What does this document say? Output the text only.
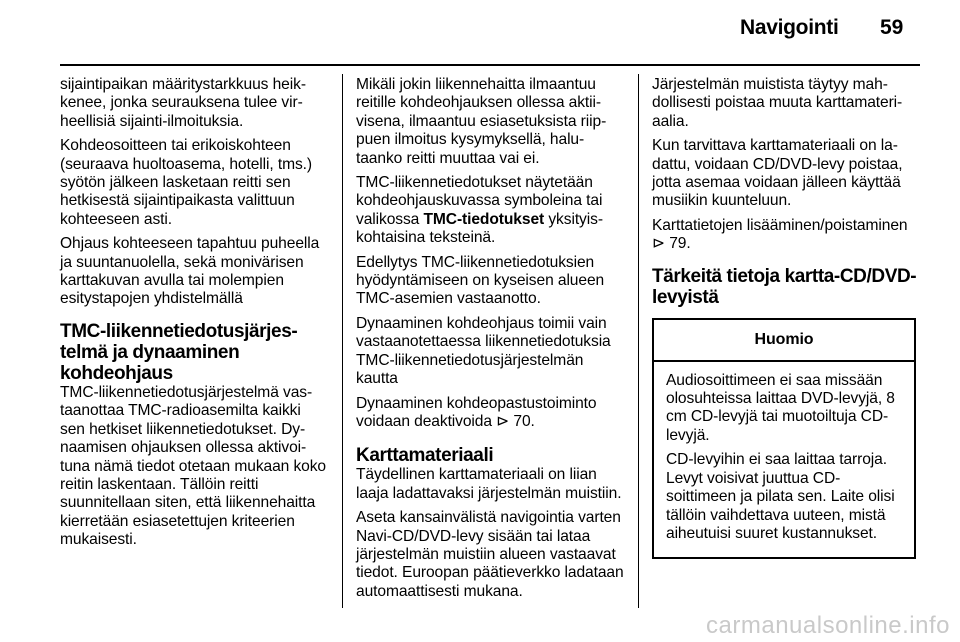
Navigointi 59

sijaintipaikan määritystarkkuus heikkenee, jonka seurauksena tulee virheellisiä sijainti-ilmoituksia.

Kohdeosoitteen tai erikoiskohteen (seuraava huoltoasema, hotelli, tms.) syötön jälkeen lasketaan reitti sen hetkisestä sijaintipaikasta valittuun kohteeseen asti.

Ohjaus kohteeseen tapahtuu puheella ja suuntanuolella, sekä monivärisen karttakuvan avulla tai molempien esitystapojen yhdistelmällä

TMC-liikennetiedotusjärjestelmä ja dynaaminen kohdeohjaus

TMC-liikennetiedotusjärjestelmä vastaanottaa TMC-radioasemilta kaikki sen hetkiset liikennetiedotukset. Dynaamisen ohjauksen ollessa aktivoituna nämä tiedot otetaan mukaan koko reitin laskentaan. Tällöin reitti suunnitellaan siten, että liikennehaitta kierretään esiasetettujen kriteerien mukaisesti.

Mikäli jokin liikennehaitta ilmaantuu reitille kohdeohjauksen ollessa aktiivisena, ilmaantuu esiasetuksista riippuen ilmoitus kysymyksellä, halutaanko reitti muuttaa vai ei.

TMC-liikennetiedotukset näytetään kohdeohjauskuvassa symboleina tai valikossa TMC-tiedotukset yksityiskohtaisina teksteinä.

Edellytys TMC-liikennetiedotuksien hyödyntämiseen on kyseisen alueen TMC-asemien vastaanotto.

Dynaaminen kohdeohjaus toimii vain vastaanotettaessa liikennetiedotuksia TMC-liikennetiedotusjärjestelmän kautta

Dynaaminen kohdeopastustoiminto voidaan deaktivoida ⊳ 70.

Karttamateriaali

Täydellinen karttamateriaali on liian laaja ladattavaksi järjestelmän muistiin.

Aseta kansainvälistä navigointia varten Navi-CD/DVD-levy sisään tai lataa järjestelmän muistiin alueen vastaavat tiedot. Euroopan päätieverkko ladataan automaattisesti mukana.

Järjestelmän muistista täytyy mahdollisesti poistaa muuta karttamateriaalia.

Kun tarvittava karttamateriaali on ladattu, voidaan CD/DVD-levy poistaa, jotta asemaa voidaan jälleen käyttää musiikin kuunteluun.

Karttatietojen lisääminen/poistaminen ⊳ 79.

Tärkeitä tietoja kartta-CD/DVD-levyistä
Huomio

Audiosoittimeen ei saa missään olosuhteissa laittaa DVD-levyjä, 8 cm CD-levyjä tai muotoiltuja CD-levyjä.

CD-levyihin ei saa laittaa tarroja. Levyt voisivat juuttua CD-soittimeen ja pilata sen. Laite olisi tällöin vaihdettava uuteen, mistä aiheutuisi suuret kustannukset.

carmanualsonline.info
